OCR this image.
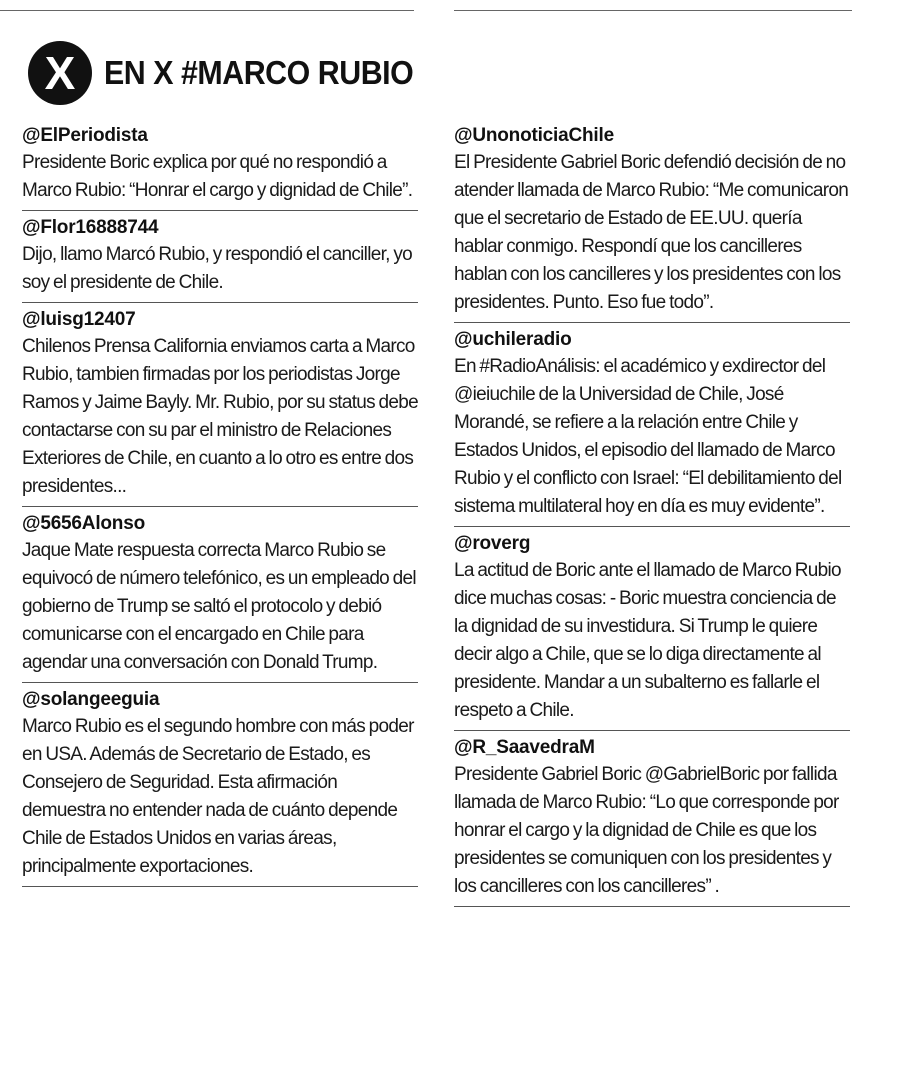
X EN X #MARCO RUBIO
@ElPeriodista
Presidente Boric explica por qué no respondió a Marco Rubio: “Honrar el cargo y dignidad de Chile”.
@Flor16888744
Dijo, llamo Marcó Rubio, y respondió el canciller, yo soy el presidente de Chile.
@luisg12407
Chilenos Prensa California enviamos carta a Marco Rubio, tambien firmadas por los periodistas Jorge Ramos y Jaime Bayly. Mr. Rubio, por su status debe contactarse con su par el ministro de Relaciones Exteriores de Chile, en cuanto a lo otro es entre dos presidentes...
@5656Alonso
Jaque Mate respuesta correcta Marco Rubio se equivocó de número telefónico, es un empleado del gobierno de Trump se saltó el protocolo y debió comunicarse con el encargado en Chile para agendar una conversación con Donald Trump.
@solangeeguia
Marco Rubio es el segundo hombre con más poder en USA. Además de Secretario de Estado, es Consejero de Seguridad. Esta afirmación demuestra no entender nada de cuánto depende Chile de Estados Unidos en varias áreas, principalmente exportaciones.
@UnonoticiaChile
El Presidente Gabriel Boric defendió decisión de no atender llamada de Marco Rubio: “Me comunicaron que el secretario de Estado de EE.UU. quería hablar conmigo. Respondí que los cancilleres hablan con los cancilleres y los presidentes con los presidentes. Punto. Eso fue todo”.
@uchileradio
En #RadioAnálisis: el académico y exdirector del @ieiuchile de la Universidad de Chile, José Morandé, se refiere a la relación entre Chile y Estados Unidos, el episodio del llamado de Marco Rubio y el conflicto con Israel: “El debilitamiento del sistema multilateral hoy en día es muy evidente”.
@roverg
La actitud de Boric ante el llamado de Marco Rubio dice muchas cosas: - Boric muestra conciencia de la dignidad de su investidura. Si Trump le quiere decir algo a Chile, que se lo diga directamente al presidente. Mandar a un subalterno es fallarle el respeto a Chile.
@R_SaavedraM
Presidente Gabriel Boric @GabrielBoric por fallida llamada de Marco Rubio: “Lo que corresponde por honrar el cargo y la dignidad de Chile es que los presidentes se comuniquen con los presidentes y los cancilleres con los cancilleres” .
